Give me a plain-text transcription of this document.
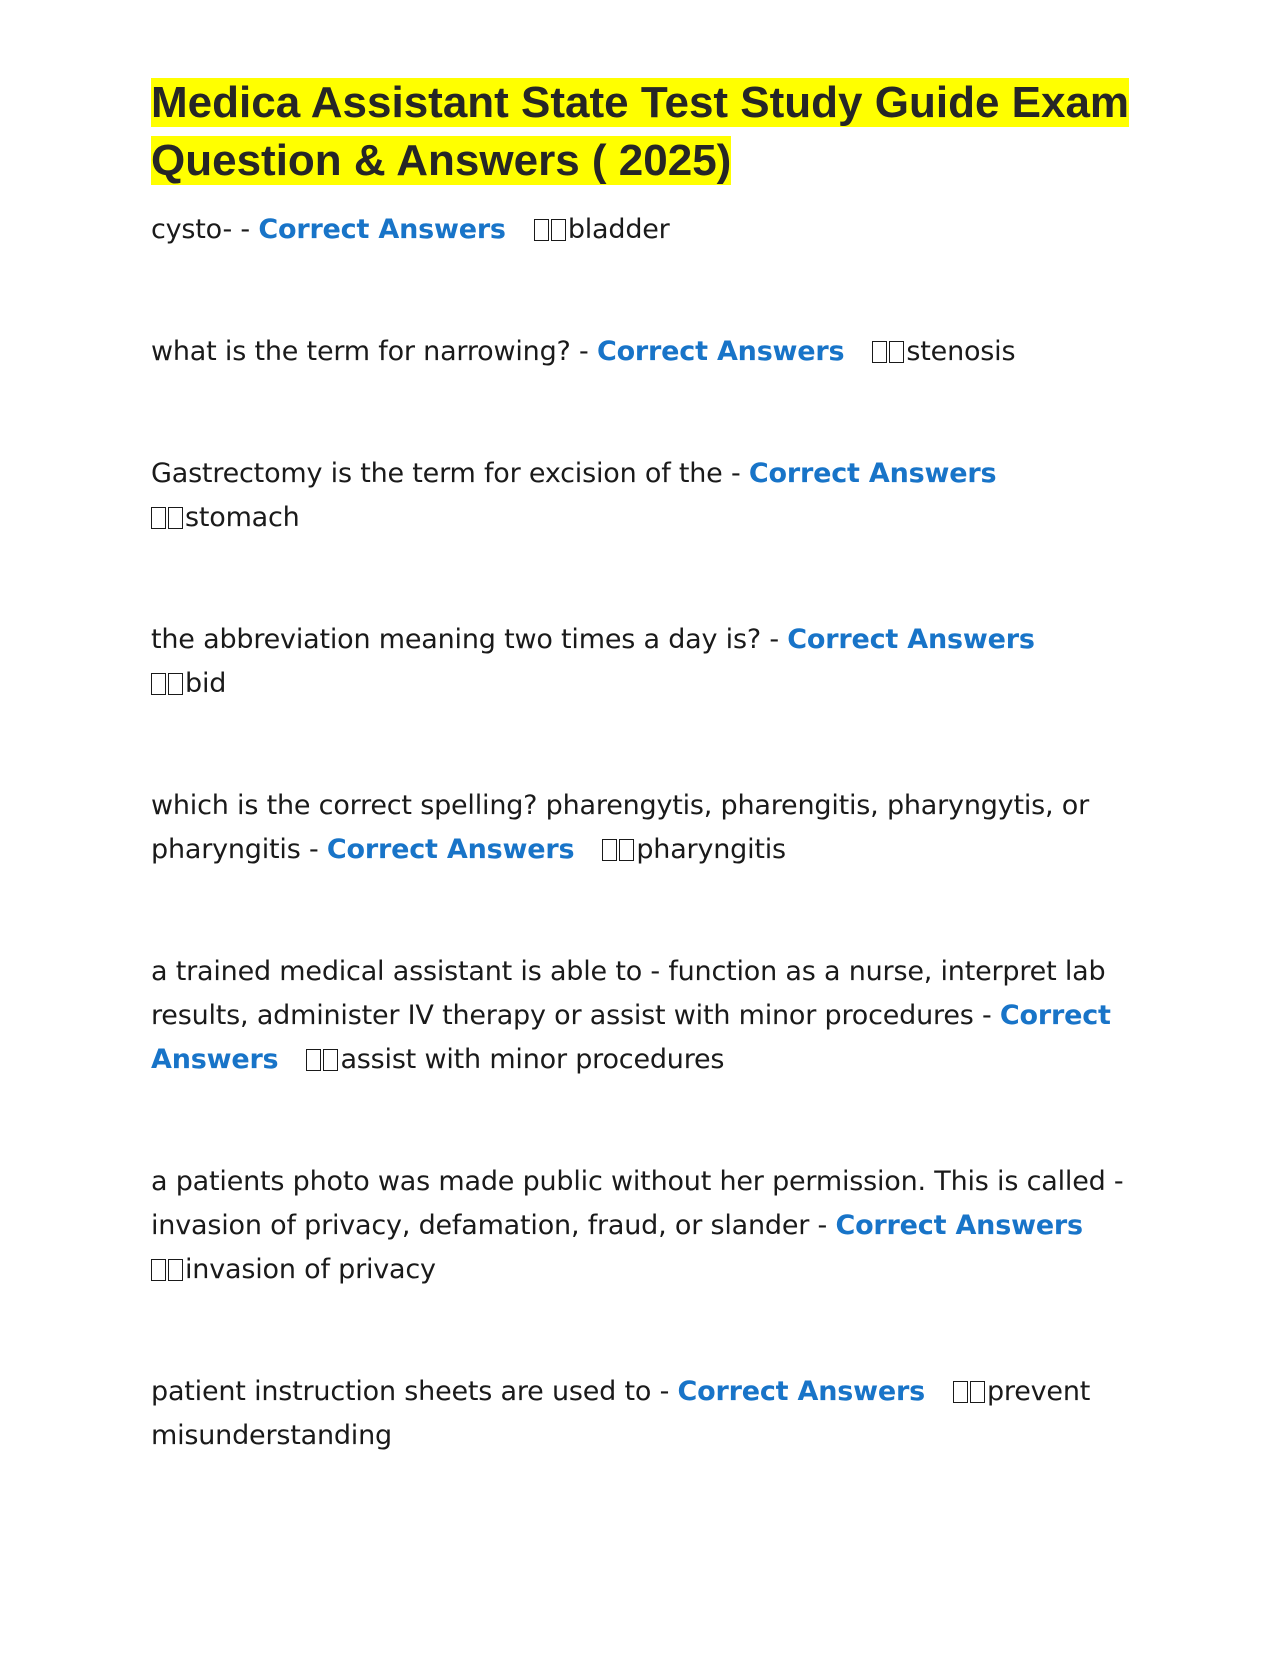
Medica Assistant State Test Study Guide Exam Question & Answers ( 2025)

cysto- - Correct Answers bladder

what is the term for narrowing? - Correct Answers stenosis

Gastrectomy is the term for excision of the - Correct Answers
stomach

the abbreviation meaning two times a day is? - Correct Answers
bid

which is the correct spelling? pharengytis, pharengitis, pharyngytis, or pharyngitis - Correct Answers pharyngitis

a trained medical assistant is able to - function as a nurse, interpret lab results, administer IV therapy or assist with minor procedures - Correct Answers assist with minor procedures

a patients photo was made public without her permission. This is called - invasion of privacy, defamation, fraud, or slander - Correct Answers
invasion of privacy

patient instruction sheets are used to - Correct Answers prevent misunderstanding
